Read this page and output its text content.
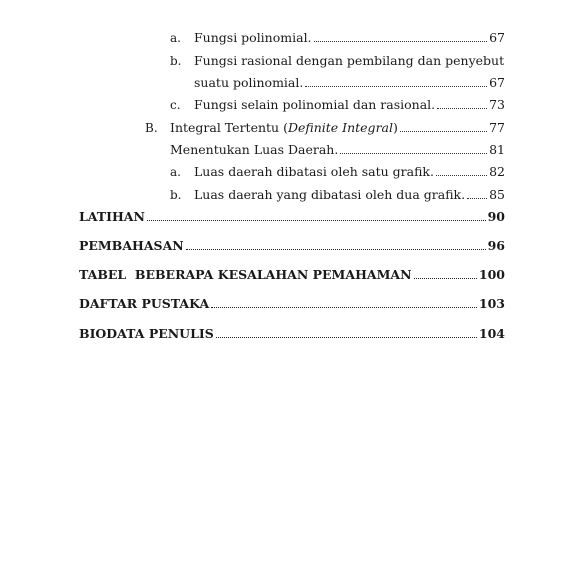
a. Fungsi polinomial.	67
b. Fungsi rasional dengan pembilang dan penyebut
suatu polinomial.	67
c. Fungsi selain polinomial dan rasional.	73
B. Integral Tertentu (Definite Integral)	77
Menentukan Luas Daerah.	81
a. Luas daerah dibatasi oleh satu grafik.	82
b. Luas daerah yang dibatasi oleh dua grafik. 85
LATIHAN	90
PEMBAHASAN	96
TABEL  BEBERAPA KESALAHAN PEMAHAMAN	100
DAFTAR PUSTAKA	103
BIODATA PENULIS	104
